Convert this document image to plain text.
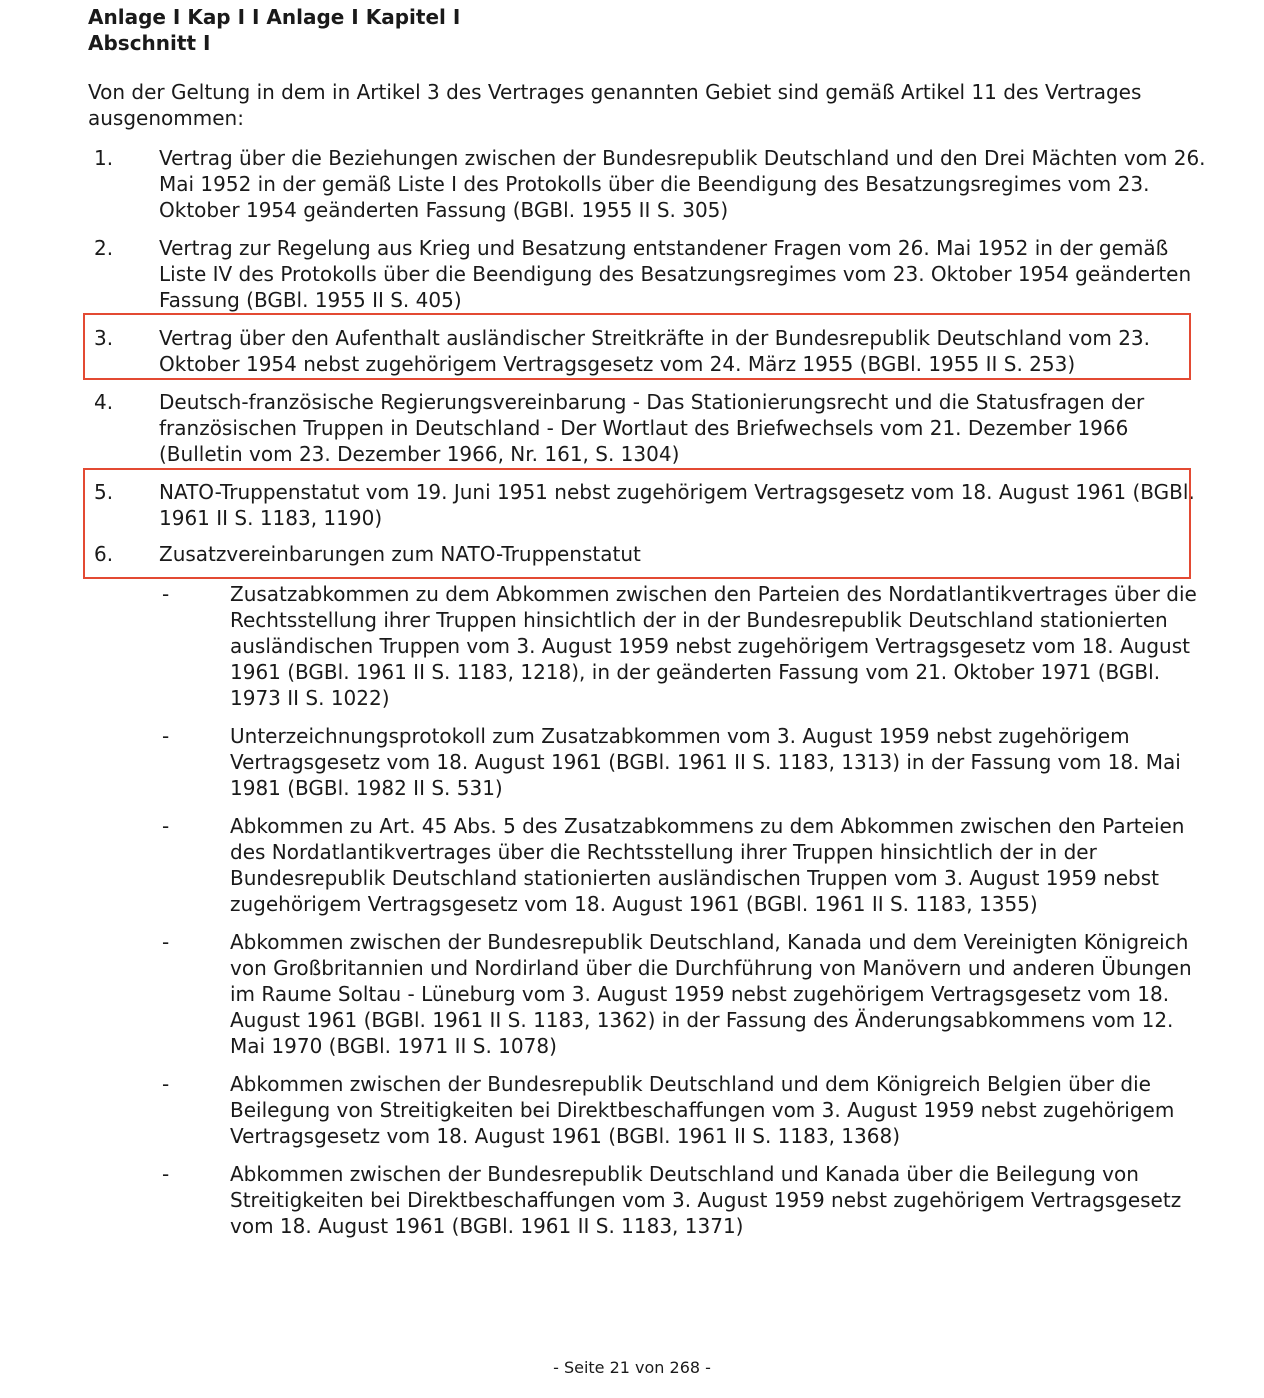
Anlage I Kap I I Anlage I Kapitel I
Abschnitt I
Von der Geltung in dem in Artikel 3 des Vertrages genannten Gebiet sind gemäß Artikel 11 des Vertrages ausgenommen:
1. Vertrag über die Beziehungen zwischen der Bundesrepublik Deutschland und den Drei Mächten vom 26. Mai 1952 in der gemäß Liste I des Protokolls über die Beendigung des Besatzungsregimes vom 23. Oktober 1954 geänderten Fassung (BGBl. 1955 II S. 305)
2. Vertrag zur Regelung aus Krieg und Besatzung entstandener Fragen vom 26. Mai 1952 in der gemäß Liste IV des Protokolls über die Beendigung des Besatzungsregimes vom 23. Oktober 1954 geänderten Fassung (BGBl. 1955 II S. 405)
3. Vertrag über den Aufenthalt ausländischer Streitkräfte in der Bundesrepublik Deutschland vom 23. Oktober 1954 nebst zugehörigem Vertragsgesetz vom 24. März 1955 (BGBl. 1955 II S. 253)
4. Deutsch-französische Regierungsvereinbarung - Das Stationierungsrecht und die Statusfragen der französischen Truppen in Deutschland - Der Wortlaut des Briefwechsels vom 21. Dezember 1966 (Bulletin vom 23. Dezember 1966, Nr. 161, S. 1304)
5. NATO-Truppenstatut vom 19. Juni 1951 nebst zugehörigem Vertragsgesetz vom 18. August 1961 (BGBl. 1961 II S. 1183, 1190)
6. Zusatzvereinbarungen zum NATO-Truppenstatut
-	Zusatzabkommen zu dem Abkommen zwischen den Parteien des Nordatlantikvertrages über die Rechtsstellung ihrer Truppen hinsichtlich der in der Bundesrepublik Deutschland stationierten ausländischen Truppen vom 3. August 1959 nebst zugehörigem Vertragsgesetz vom 18. August 1961 (BGBl. 1961 II S. 1183, 1218), in der geänderten Fassung vom 21. Oktober 1971 (BGBl. 1973 II S. 1022)
-	Unterzeichnungsprotokoll zum Zusatzabkommen vom 3. August 1959 nebst zugehörigem Vertragsgesetz vom 18. August 1961 (BGBl. 1961 II S. 1183, 1313) in der Fassung vom 18. Mai 1981 (BGBl. 1982 II S. 531)
-	Abkommen zu Art. 45 Abs. 5 des Zusatzabkommens zu dem Abkommen zwischen den Parteien des Nordatlantikvertrages über die Rechtsstellung ihrer Truppen hinsichtlich der in der Bundesrepublik Deutschland stationierten ausländischen Truppen vom 3. August 1959 nebst zugehörigem Vertragsgesetz vom 18. August 1961 (BGBl. 1961 II S. 1183, 1355)
-	Abkommen zwischen der Bundesrepublik Deutschland, Kanada und dem Vereinigten Königreich von Großbritannien und Nordirland über die Durchführung von Manövern und anderen Übungen im Raume Soltau - Lüneburg vom 3. August 1959 nebst zugehörigem Vertragsgesetz vom 18. August 1961 (BGBl. 1961 II S. 1183, 1362) in der Fassung des Änderungsabkommens vom 12. Mai 1970 (BGBl. 1971 II S. 1078)
-	Abkommen zwischen der Bundesrepublik Deutschland und dem Königreich Belgien über die Beilegung von Streitigkeiten bei Direktbeschaffungen vom 3. August 1959 nebst zugehörigem Vertragsgesetz vom 18. August 1961 (BGBl. 1961 II S. 1183, 1368)
-	Abkommen zwischen der Bundesrepublik Deutschland und Kanada über die Beilegung von Streitigkeiten bei Direktbeschaffungen vom 3. August 1959 nebst zugehörigem Vertragsgesetz vom 18. August 1961 (BGBl. 1961 II S. 1183, 1371)
- Seite 21 von 268 -
